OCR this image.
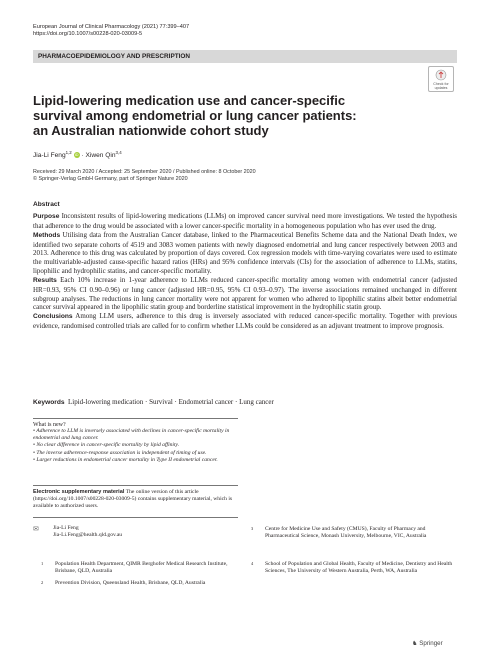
European Journal of Clinical Pharmacology (2021) 77:399–407
https://doi.org/10.1007/s00228-020-03009-5
PHARMACOEPIDEMIOLOGY AND PRESCRIPTION
Check for
updates
Lipid-lowering medication use and cancer-specific survival among endometrial or lung cancer patients: an Australian nationwide cohort study
Jia-Li Feng$^{1,2}$ iD · Xiwen Qin$^{3,4}$
Received: 29 March 2020 / Accepted: 25 September 2020 / Published online: 8 October 2020
© Springer-Verlag GmbH Germany, part of Springer Nature 2020
Abstract

Purpose Inconsistent results of lipid-lowering medications (LLMs) on improved cancer survival need more investigations. We tested the hypothesis that adherence to the drug would be associated with a lower cancer-specific mortality in a homogeneous population who has ever used the drug.

Methods Utilising data from the Australian Cancer database, linked to the Pharmaceutical Benefits Scheme data and the National Death Index, we identified two separate cohorts of 4519 and 3083 women patients with newly diagnosed endometrial and lung cancer respectively between 2003 and 2013. Adherence to this drug was calculated by proportion of days covered. Cox regression models with time-varying covariates were used to estimate the multivariable-adjusted cause-specific hazard ratios (HRs) and 95% confidence intervals (CIs) for the association of adherence to LLMs, statins, lipophilic and hydrophilic statins, and cancer-specific mortality.

Results Each 10% increase in 1-year adherence to LLMs reduced cancer-specific mortality among women with endometrial cancer (adjusted HR=0.93, 95% CI 0.90–0.96) or lung cancer (adjusted HR=0.95, 95% CI 0.93–0.97). The inverse associations remained unchanged in different subgroup analyses. The reductions in lung cancer mortality were not apparent for women who adhered to lipophilic statins albeit better endometrial cancer survival appeared in the lipophilic statin group and borderline statistical improvement in the hydrophilic statin group.

Conclusions Among LLM users, adherence to this drug is inversely associated with reduced cancer-specific mortality. Together with previous evidence, randomised controlled trials are called for to confirm whether LLMs could be considered as an adjuvant treatment to improve prognosis.

Keywords Lipid-lowering medication · Survival · Endometrial cancer · Lung cancer
What is new?
• Adherence to LLM is inversely associated with declines in cancer-specific mortality in endometrial and lung cancer.
• No clear difference in cancer-specific mortality by lipid affinity.
• The inverse adherence-response association is independent of timing of use.
• Larger reductions in endometrial cancer mortality in Type II endometrial cancer.
Electronic supplementary material The online version of this article (https://doi.org/10.1007/s00228-020-03009-5) contains supplementary material, which is available to authorized users.
✉	Jia-Li Feng
Jia-Li.Feng@health.qld.gov.au
1 Population Health Department, QIMR Berghofer Medical Research Institute, Brisbane, QLD, Australia
2 Prevention Division, Queensland Health, Brisbane, QLD, Australia
3 Centre for Medicine Use and Safety (CMUS), Faculty of Pharmacy and Pharmaceutical Science, Monash University, Melbourne, VIC, Australia
4 School of Population and Global Health, Faculty of Medicine, Dentistry and Health Sciences, The University of Western Australia, Perth, WA, Australia
♞ Springer
